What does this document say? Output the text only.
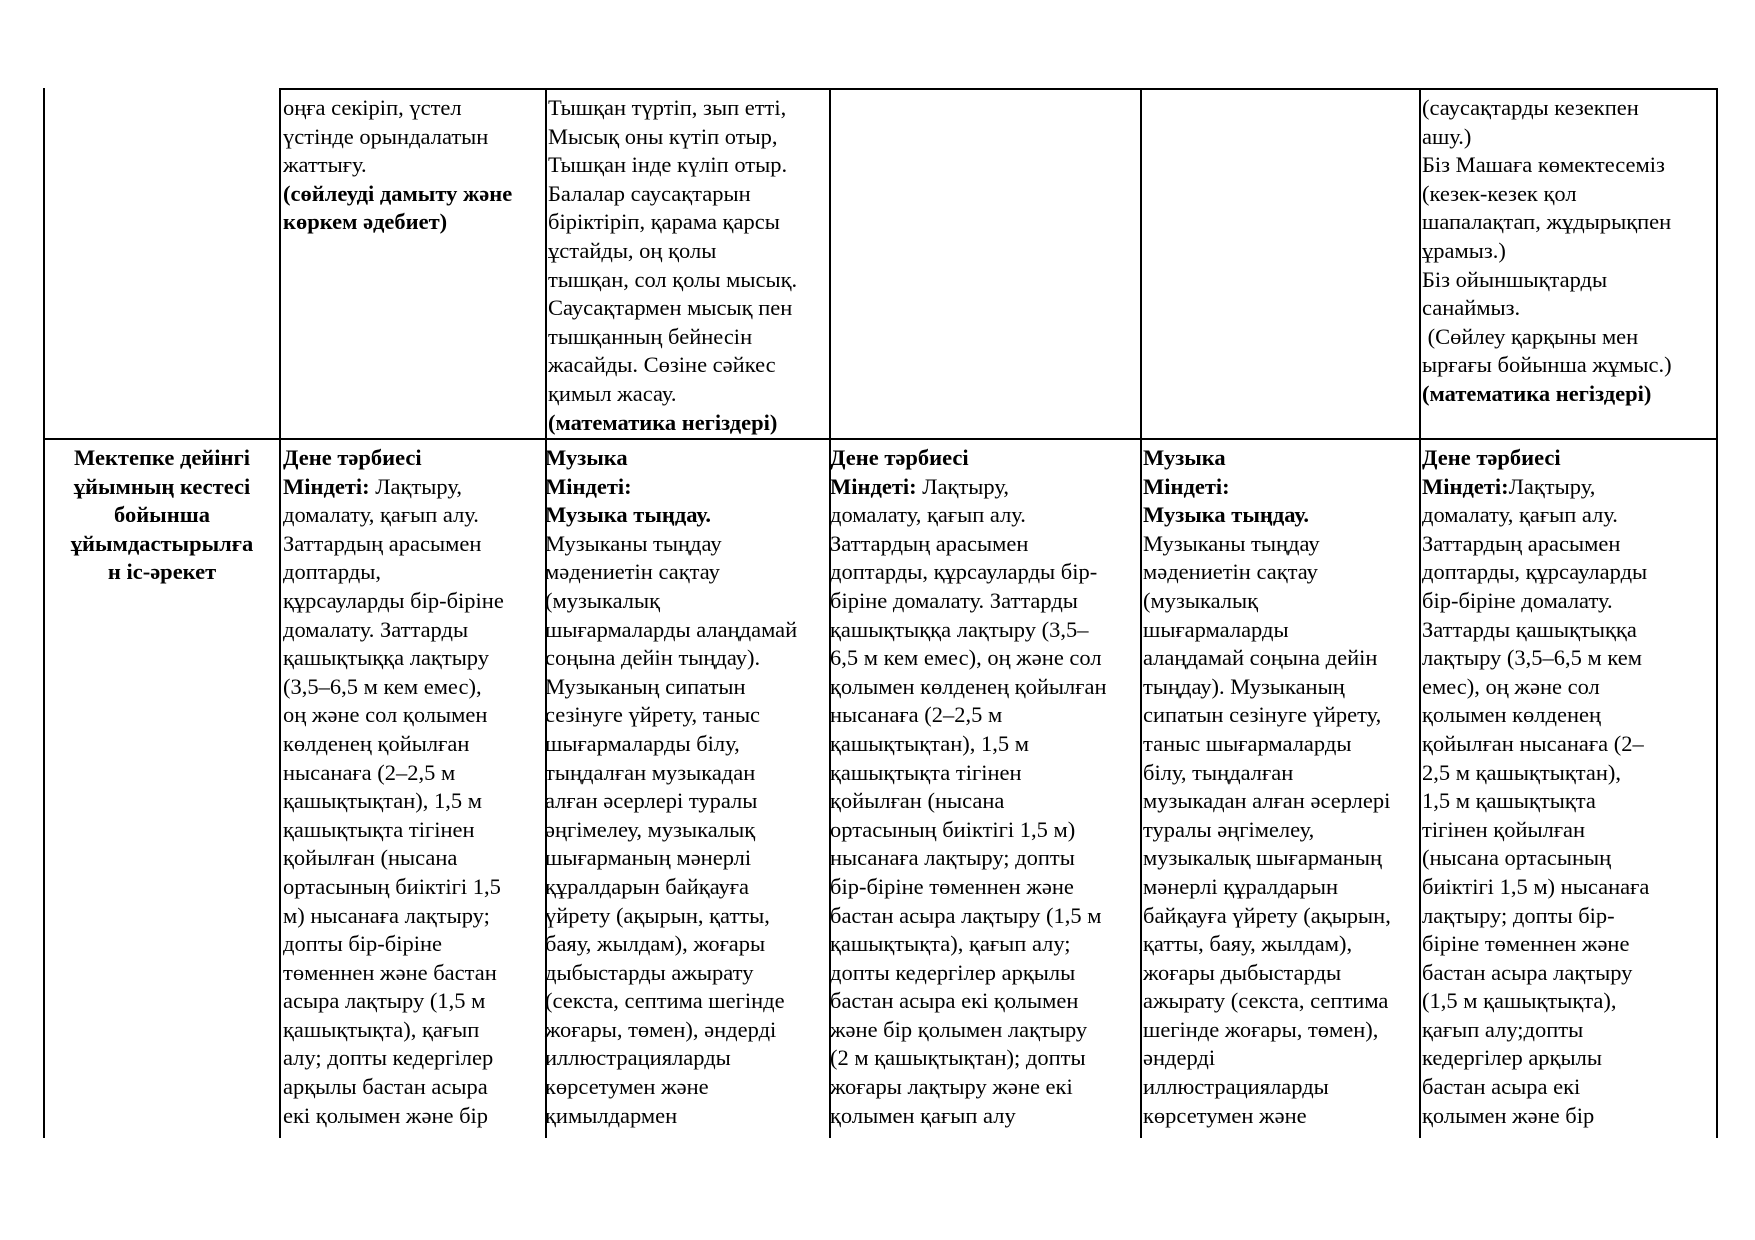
оңға секіріп, үстел
үстінде орындалатын
жаттығу.
(сөйлеуді дамыту және
көркем әдебиет)
Тышқан түртіп, зып етті,
Мысық оны күтіп отыр,
Тышқан інде күліп отыр.
Балалар саусақтарын
біріктіріп, қарама қарсы
ұстайды, оң қолы
тышқан, сол қолы мысық.
Саусақтармен мысық пен
тышқанның бейнесін
жасайды. Сөзіне сәйкес
қимыл жасау.
(математика негіздері)
(саусақтарды кезекпен
ашу.)
Біз Машаға көмектесеміз
(кезек-кезек қол
шапалақтап, жұдырықпен
ұрамыз.)
Біз ойыншықтарды
санаймыз.
(Сөйлеу қарқыны мен
ырғағы бойынша жұмыс.)
(математика негіздері)
Мектепке дейінгі
ұйымның кестесі
бойынша
ұйымдастырылға
н іс-әрекет
Дене тәрбиесі
Міндеті: Лақтыру,
домалату, қағып алу.
Заттардың арасымен
доптарды,
құрсауларды бір-біріне
домалату. Заттарды
қашықтыққа лақтыру
(3,5–6,5 м кем емес),
оң және сол қолымен
көлденең қойылған
нысанаға (2–2,5 м
қашықтықтан), 1,5 м
қашықтықта тігінен
қойылған (нысана
ортасының биіктігі 1,5
м) нысанаға лақтыру;
допты бір-біріне
төменнен және бастан
асыра лақтыру (1,5 м
қашықтықта), қағып
алу; допты кедергілер
арқылы бастан асыра
екі қолымен және бір
Музыка
Міндеті:
Музыка тыңдау.
Музыканы тыңдау
мәдениетін сақтау
(музыкалық
шығармаларды алаңдамай
соңына дейін тыңдау).
Музыканың сипатын
сезінуге үйрету, таныс
шығармаларды білу,
тыңдалған музыкадан
алған әсерлері туралы
әңгімелеу, музыкалық
шығарманың мәнерлі
құралдарын байқауға
үйрету (ақырын, қатты,
баяу, жылдам), жоғары
дыбыстарды ажырату
(секста, септима шегінде
жоғары, төмен), әндерді
иллюстрацияларды
көрсетумен және
қимылдармен
Дене тәрбиесі
Міндеті: Лақтыру,
домалату, қағып алу.
Заттардың арасымен
доптарды, құрсауларды бір-
біріне домалату. Заттарды
қашықтыққа лақтыру (3,5–
6,5 м кем емес), оң және сол
қолымен көлденең қойылған
нысанаға (2–2,5 м
қашықтықтан), 1,5 м
қашықтықта тігінен
қойылған (нысана
ортасының биіктігі 1,5 м)
нысанаға лақтыру; допты
бір-біріне төменнен және
бастан асыра лақтыру (1,5 м
қашықтықта), қағып алу;
допты кедергілер арқылы
бастан асыра екі қолымен
және бір қолымен лақтыру
(2 м қашықтықтан); допты
жоғары лақтыру және екі
қолымен қағып алу
Музыка
Міндеті:
Музыка тыңдау.
Музыканы тыңдау
мәдениетін сақтау
(музыкалық
шығармаларды
алаңдамай соңына дейін
тыңдау). Музыканың
сипатын сезінуге үйрету,
таныс шығармаларды
білу, тыңдалған
музыкадан алған әсерлері
туралы әңгімелеу,
музыкалық шығарманың
мәнерлі құралдарын
байқауға үйрету (ақырын,
қатты, баяу, жылдам),
жоғары дыбыстарды
ажырату (секста, септима
шегінде жоғары, төмен),
әндерді
иллюстрацияларды
көрсетумен және
Дене тәрбиесі
Міндеті:Лақтыру,
домалату, қағып алу.
Заттардың арасымен
доптарды, құрсауларды
бір-біріне домалату.
Заттарды қашықтыққа
лақтыру (3,5–6,5 м кем
емес), оң және сол
қолымен көлденең
қойылған нысанаға (2–
2,5 м қашықтықтан),
1,5 м қашықтықта
тігінен қойылған
(нысана ортасының
биіктігі 1,5 м) нысанаға
лақтыру; допты бір-
біріне төменнен және
бастан асыра лақтыру
(1,5 м қашықтықта),
қағып алу;допты
кедергілер арқылы
бастан асыра екі
қолымен және бір
